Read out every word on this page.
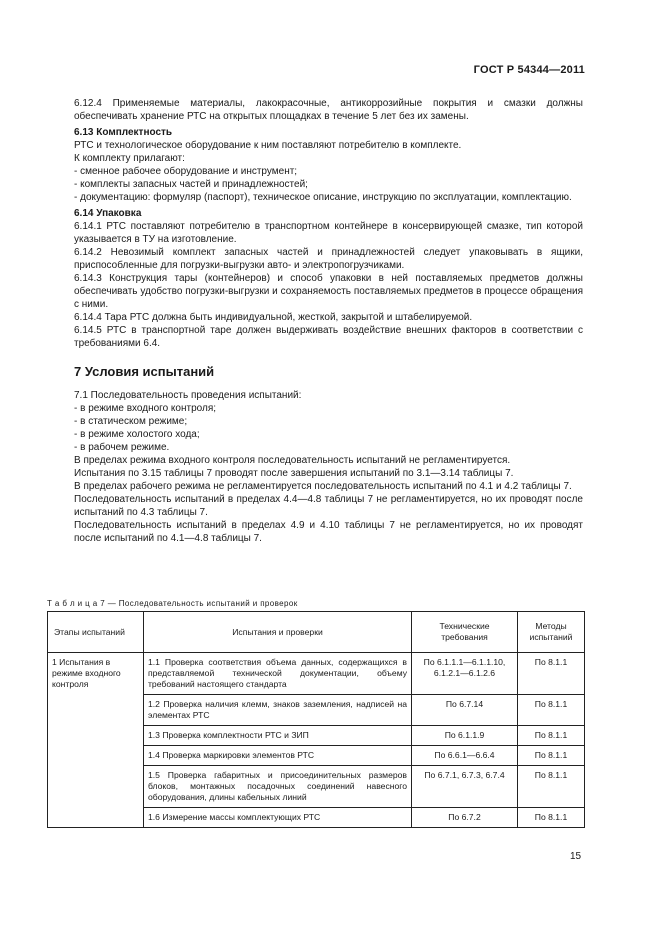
ГОСТ Р 54344—2011

6.12.4 Применяемые материалы, лакокрасочные, антикоррозийные покрытия и смазки должны обеспечивать хранение РТС на открытых площадках в течение 5 лет без их замены.

6.13 Комплектность

РТС и технологическое оборудование к ним поставляют потребителю в комплекте.

К комплекту прилагают:

- сменное рабочее оборудование и инструмент;

- комплекты запасных частей и принадлежностей;

- документацию: формуляр (паспорт), техническое описание, инструкцию по эксплуатации, комплектацию.

6.14 Упаковка

6.14.1 РТС поставляют потребителю в транспортном контейнере в консервирующей смазке, тип которой указывается в ТУ на изготовление.

6.14.2 Невозимый комплект запасных частей и принадлежностей следует упаковывать в ящики, приспособленные для погрузки-выгрузки авто- и электропогрузчиками.

6.14.3 Конструкция тары (контейнеров) и способ упаковки в ней поставляемых предметов должны обеспечивать удобство погрузки-выгрузки и сохраняемость поставляемых предметов в процессе обращения с ними.

6.14.4 Тара РТС должна быть индивидуальной, жесткой, закрытой и штабелируемой.

6.14.5 РТС в транспортной таре должен выдерживать воздействие внешних факторов в соответствии с требованиями 6.4.

7 Условия испытаний

7.1 Последовательность проведения испытаний:

- в режиме входного контроля;

- в статическом режиме;

- в режиме холостого хода;

- в рабочем режиме.

В пределах режима входного контроля последовательность испытаний не регламентируется.

Испытания по 3.15 таблицы 7 проводят после завершения испытаний по 3.1—3.14 таблицы 7.

В пределах рабочего режима не регламентируется последовательность испытаний по 4.1 и 4.2 таблицы 7.

Последовательность испытаний в пределах 4.4—4.8 таблицы 7 не регламентируется, но их проводят после испытаний по 4.3 таблицы 7.

Последовательность испытаний в пределах 4.9 и 4.10 таблицы 7 не регламентируется, но их проводят после испытаний по 4.1—4.8 таблицы 7.

Т а б л и ц а 7 — Последовательность испытаний и проверок
Этапы испытаний	Испытания и проверки	Технические требования	Методы испытаний
1 Испытания в режиме входного контроля	1.1 Проверка соответствия объема данных, содержащихся в представляемой технической документации, объему требований настоящего стандарта	По 6.1.1.1—6.1.1.10, 6.1.2.1—6.1.2.6	По 8.1.1
	1.2 Проверка наличия клемм, знаков заземления, надписей на элементах РТС	По 6.7.14	По 8.1.1
	1.3 Проверка комплектности РТС и ЗИП	По 6.1.1.9	По 8.1.1
	1.4 Проверка маркировки элементов РТС	По 6.6.1—6.6.4	По 8.1.1
	1.5 Проверка габаритных и присоединительных размеров блоков, монтажных посадочных соединений навесного оборудования, длины кабельных линий	По 6.7.1, 6.7.3, 6.7.4	По 8.1.1
	1.6 Измерение массы комплектующих РТС	По 6.7.2	По 8.1.1
15
